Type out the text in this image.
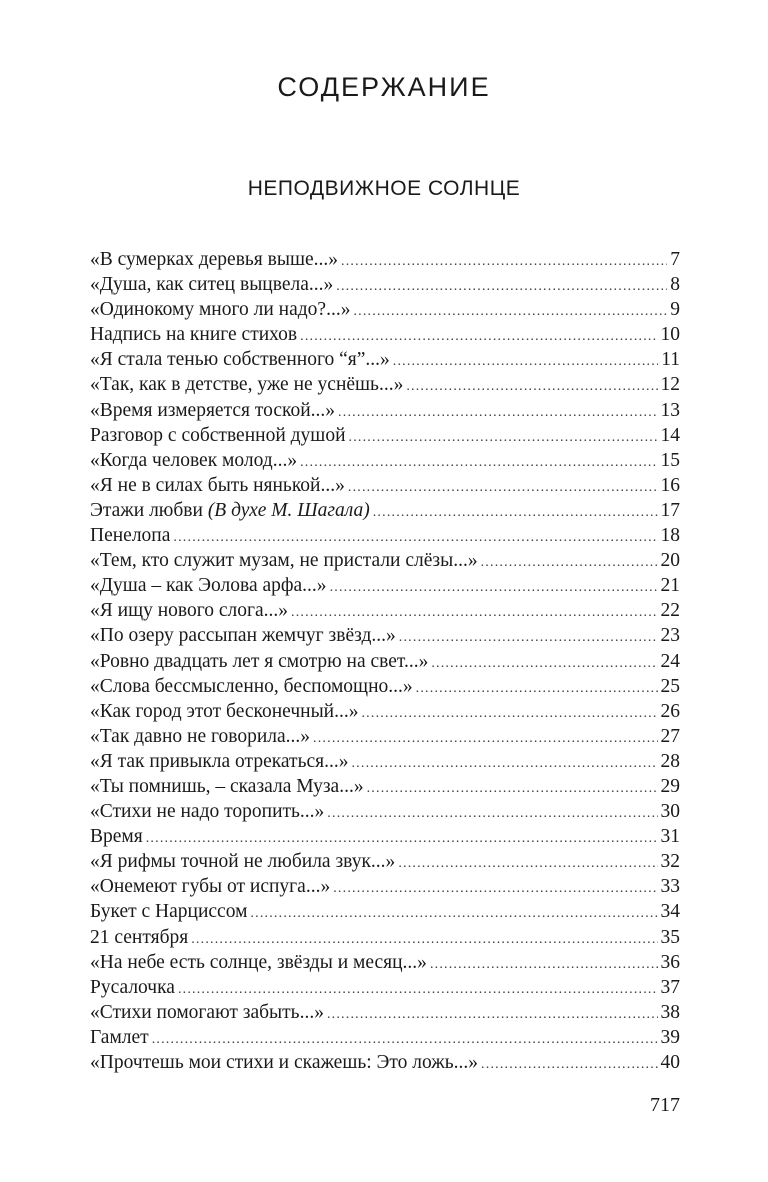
СОДЕРЖАНИЕ
НЕПОДВИЖНОЕ СОЛНЦЕ
«В сумерках деревья выше...» .....	7
«Душа, как ситец выцвела...» .....	8
«Одинокому много ли надо?...» .....	9
Надпись на книге стихов .....	10
«Я стала тенью собственного “я”...» .....	11
«Так, как в детстве, уже не уснёшь...» .....	12
«Время измеряется тоской...» .....	13
Разговор с собственной душой .....	14
«Когда человек молод...» .....	15
«Я не в силах быть нянькой...» .....	16
Этажи любви (В духе М. Шагала) .....	17
Пенелопа .....	18
«Тем, кто служит музам, не пристали слёзы...» .....	20
«Душа – как Эолова арфа...» .....	21
«Я ищу нового слога...» .....	22
«По озеру рассыпан жемчуг звёзд...» .....	23
«Ровно двадцать лет я смотрю на свет...» .....	24
«Слова бессмысленно, беспомощно...» .....	25
«Как город этот бесконечный...» .....	26
«Так давно не говорила...» .....	27
«Я так привыкла отрекаться...» .....	28
«Ты помнишь, – сказала Муза...» .....	29
«Стихи не надо торопить...» .....	30
Время .....	31
«Я рифмы точной не любила звук...» .....	32
«Онемеют губы от испуга...» .....	33
Букет с Нарциссом .....	34
21 сентября .....	35
«На небе есть солнце, звёзды и месяц...» .....	36
Русалочка .....	37
«Стихи помогают забыть...» .....	38
Гамлет .....	39
«Прочтешь мои стихи и скажешь: Это ложь...» .....	40
717
